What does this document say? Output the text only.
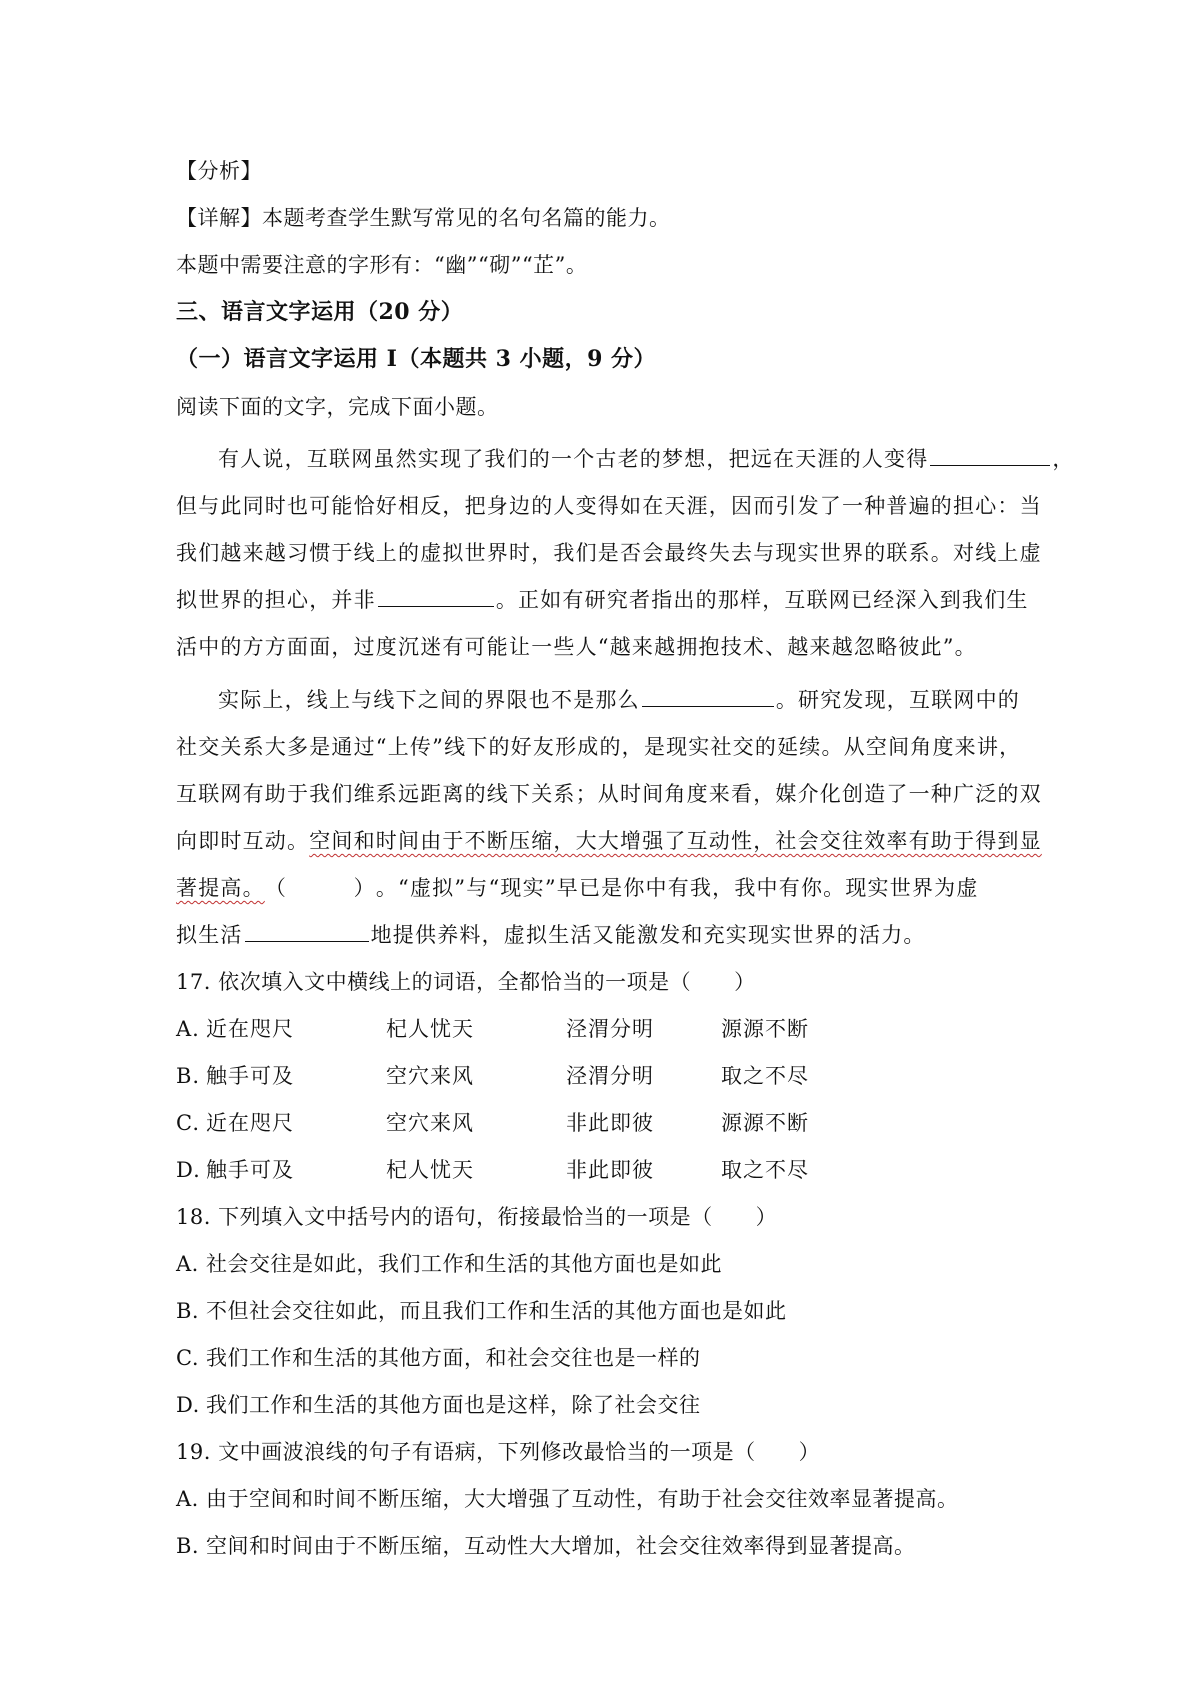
【分析】
【详解】本题考查学生默写常见的名句名篇的能力。
本题中需要注意的字形有：“幽”“砌”“芷”。
三、语言文字运用（20 分）
（一）语言文字运用 I（本题共 3 小题，9 分）
阅读下面的文字，完成下面小题。
有人说，互联网虽然实现了我们的一个古老的梦想，把远在天涯的人变得	，
但与此同时也可能恰好相反，把身边的人变得如在天涯，因而引发了一种普遍的担心：当
我们越来越习惯于线上的虚拟世界时，我们是否会最终失去与现实世界的联系。对线上虚
拟世界的担心，并非	。正如有研究者指出的那样，互联网已经深入到我们生
活中的方方面面，过度沉迷有可能让一些人“越来越拥抱技术、越来越忽略彼此”。
实际上，线上与线下之间的界限也不是那么	。研究发现，互联网中的
社交关系大多是通过“上传”线下的好友形成的，是现实社交的延续。从空间角度来讲，
互联网有助于我们维系远距离的线下关系；从时间角度来看，媒介化创造了一种广泛的双
向即时互动。空间和时间由于不断压缩，大大增强了互动性，社会交往效率有助于得到显
著提高。（　　　）。“虚拟”与“现实”早已是你中有我，我中有你。现实世界为虚
拟生活	地提供养料，虚拟生活又能激发和充实现实世界的活力。
17. 依次填入文中横线上的词语，全都恰当的一项是（　　）
A. 近在咫尺	杞人忧天	泾渭分明	源源不断
B. 触手可及	空穴来风	泾渭分明	取之不尽
C. 近在咫尺	空穴来风	非此即彼	源源不断
D. 触手可及	杞人忧天	非此即彼	取之不尽
18. 下列填入文中括号内的语句，衔接最恰当的一项是（　　）
A. 社会交往是如此，我们工作和生活的其他方面也是如此
B. 不但社会交往如此，而且我们工作和生活的其他方面也是如此
C. 我们工作和生活的其他方面，和社会交往也是一样的
D. 我们工作和生活的其他方面也是这样，除了社会交往
19. 文中画波浪线的句子有语病，下列修改最恰当的一项是（　　）
A. 由于空间和时间不断压缩，大大增强了互动性，有助于社会交往效率显著提高。
B. 空间和时间由于不断压缩，互动性大大增加，社会交往效率得到显著提高。
